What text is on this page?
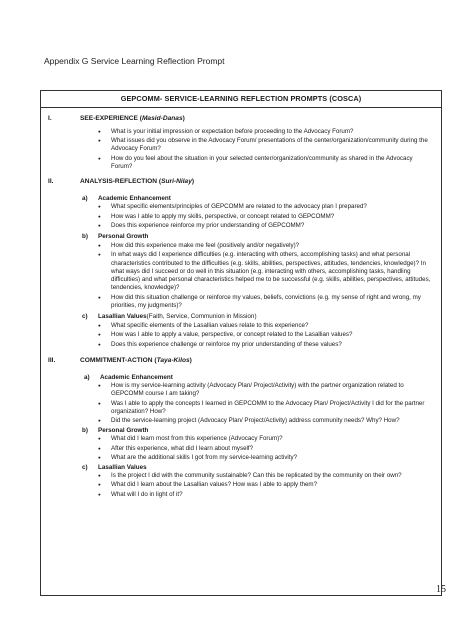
Appendix G Service Learning Reflection Prompt
GEPCOMM- SERVICE-LEARNING REFLECTION PROMPTS (COSCA)
I.	SEE-EXPERIENCE (Masid-Danas)
● What is your initial impression or expectation before proceeding to the Advocacy Forum?
● What issues did you observe in the Advocacy Forum/ presentations of the center/organization/community during the Advocacy Forum?
● How do you feel about the situation in your selected center/organization/community as shared in the Advocacy Forum?
II.	ANALYSIS-REFLECTION (Suri-Nilay)
a)	Academic Enhancement
● What specific elements/principles of GEPCOMM are related to the advocacy plan I prepared?
● How was I able to apply my skills, perspective, or concept related to GEPCOMM?
● Does this experience reinforce my prior understanding of GEPCOMM?
b)	Personal Growth
● How did this experience make me feel (positively and/or negatively)?
● In what ways did I experience difficulties (e.g. interacting with others, accomplishing tasks) and what personal characteristics contributed to the difficulties (e.g. skills, abilities, perspectives, attitudes, tendencies, knowledge)? In what ways did I succeed or do well in this situation (e.g. interacting with others, accomplishing tasks, handling difficulties) and what personal characteristics helped me to be successful (e.g. skills, abilities, perspectives, attitudes, tendencies, knowledge)?
● How did this situation challenge or reinforce my values, beliefs, convictions (e.g. my sense of right and wrong, my priorities, my judgments)?
c)	Lasallian Values (Faith, Service, Communion in Mission)
● What specific elements of the Lasallian values relate to this experience?
● How was I able to apply a value, perspective, or concept related to the Lasallian values?
● Does this experience challenge or reinforce my prior understanding of these values?
III.	COMMITMENT-ACTION (Taya-Kilos)
a)	Academic Enhancement
● How is my service-learning activity (Advocacy Plan/ Project/Activity) with the partner organization related to GEPCOMM course I am taking?
● Was I able to apply the concepts I learned in GEPCOMM to the Advocacy Plan/ Project/Activity I did for the partner organization? How?
● Did the service-learning project (Advocacy Plan/ Project/Activity) address community needs? Why? How?
b)	Personal Growth
● What did I learn most from this experience (Advocacy Forum)?
● After this experience, what did I learn about myself?
● What are the additional skills I got from my service-learning activity?
c)	Lasallian Values
● Is the project I did with the community sustainable? Can this be replicated by the community on their own?
● What did I learn about the Lasallian values? How was I able to apply them?
● What will I do in light of it?
15
